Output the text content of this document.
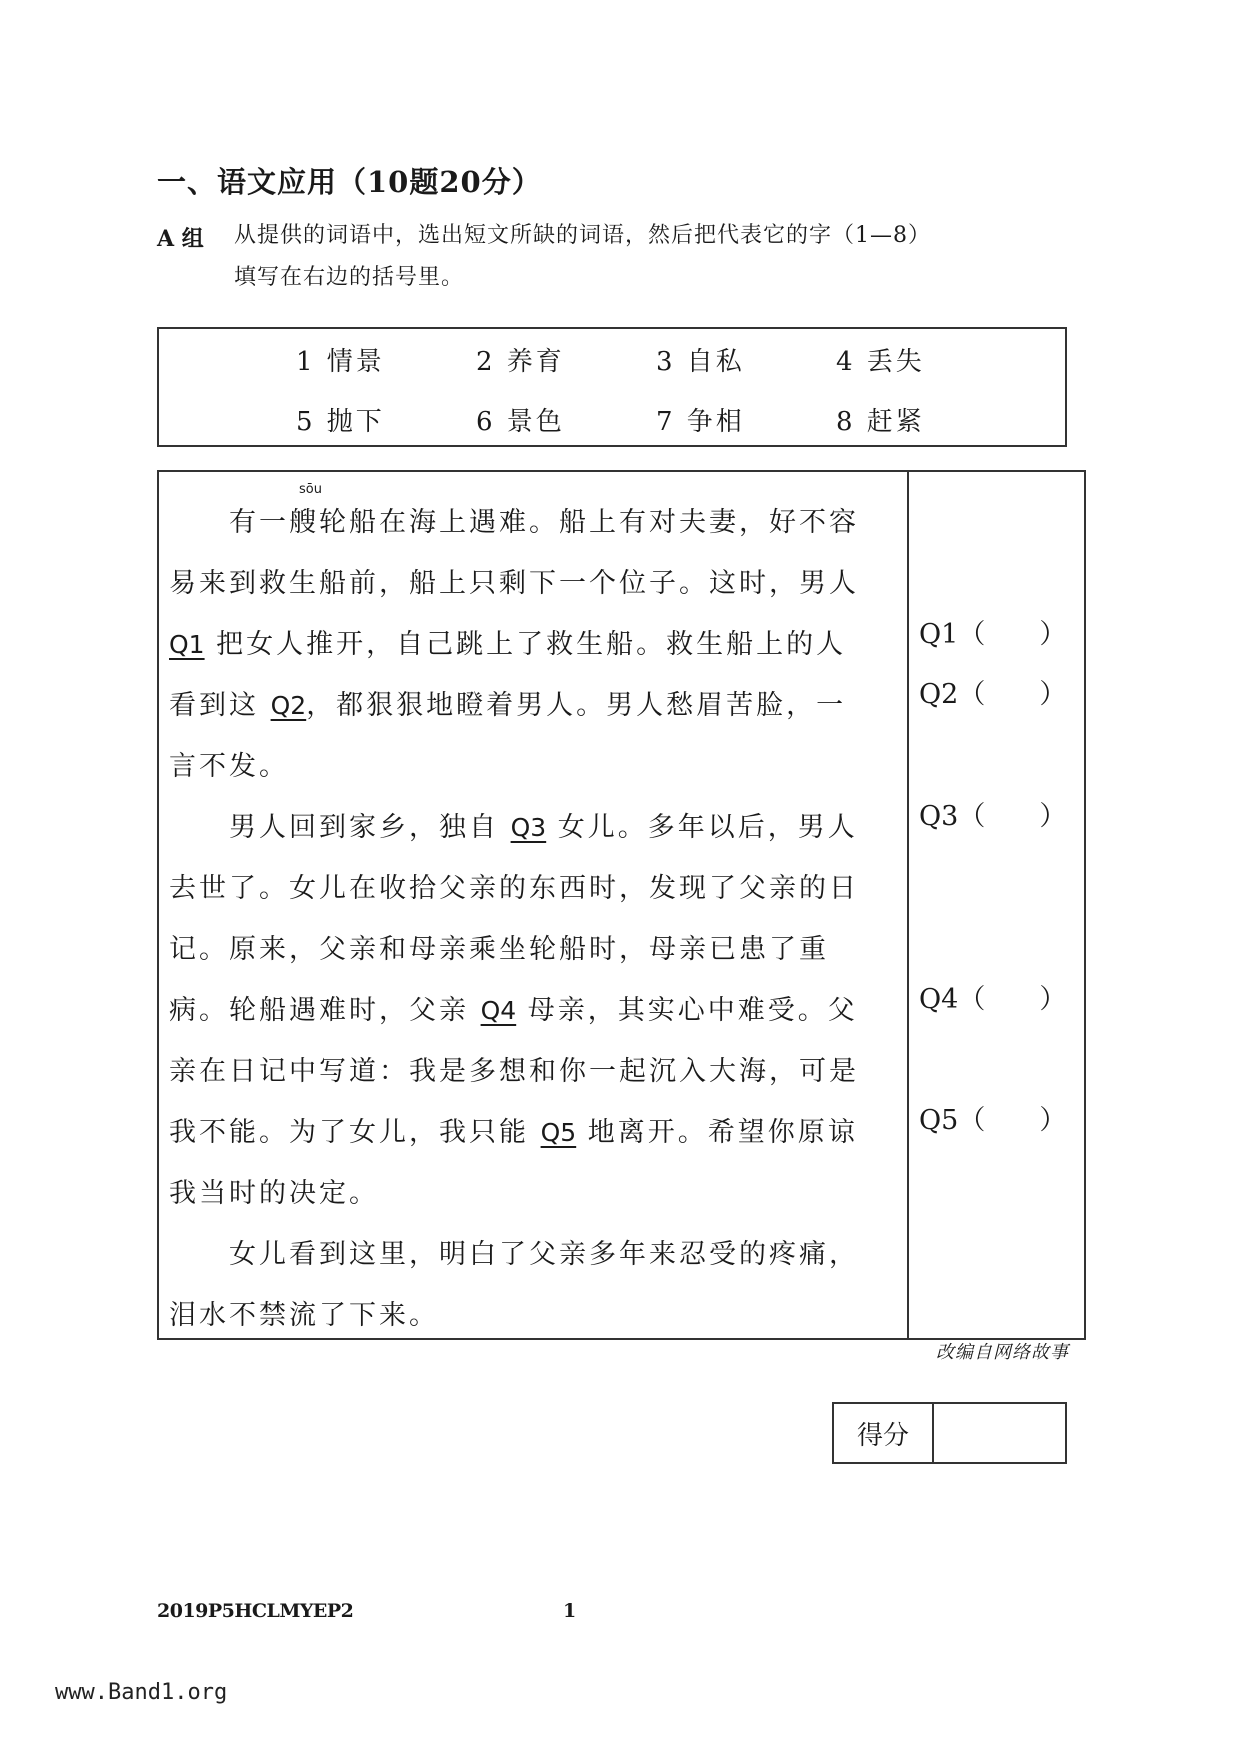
一、语文应用（10题20分）
A 组 从提供的词语中，选出短文所缺的词语，然后把代表它的字（1—8）
填写在右边的括号里。
1 情景	2 养育	3 自私	4 丢失
5 抛下	6 景色	7 争相	8 赶紧
sōu
有一艘轮船在海上遇难。船上有对夫妻，好不容
易来到救生船前，船上只剩下一个位子。这时，男人
Q1 把女人推开，自己跳上了救生船。救生船上的人
看到这 Q2，都狠狠地瞪着男人。男人愁眉苦脸，一
言不发。
男人回到家乡，独自 Q3 女儿。多年以后，男人
去世了。女儿在收拾父亲的东西时，发现了父亲的日
记。原来，父亲和母亲乘坐轮船时，母亲已患了重
病。轮船遇难时，父亲 Q4 母亲，其实心中难受。父
亲在日记中写道：我是多想和你一起沉入大海，可是
我不能。为了女儿，我只能 Q5 地离开。希望你原谅
我当时的决定。
女儿看到这里，明白了父亲多年来忍受的疼痛，
泪水不禁流了下来。
Q1（　　）
Q2（　　）
Q3（　　）
Q4（　　）
Q5（　　）
改编自网络故事
得分
2019P5HCLMYEP2	1
www.Band1.org
